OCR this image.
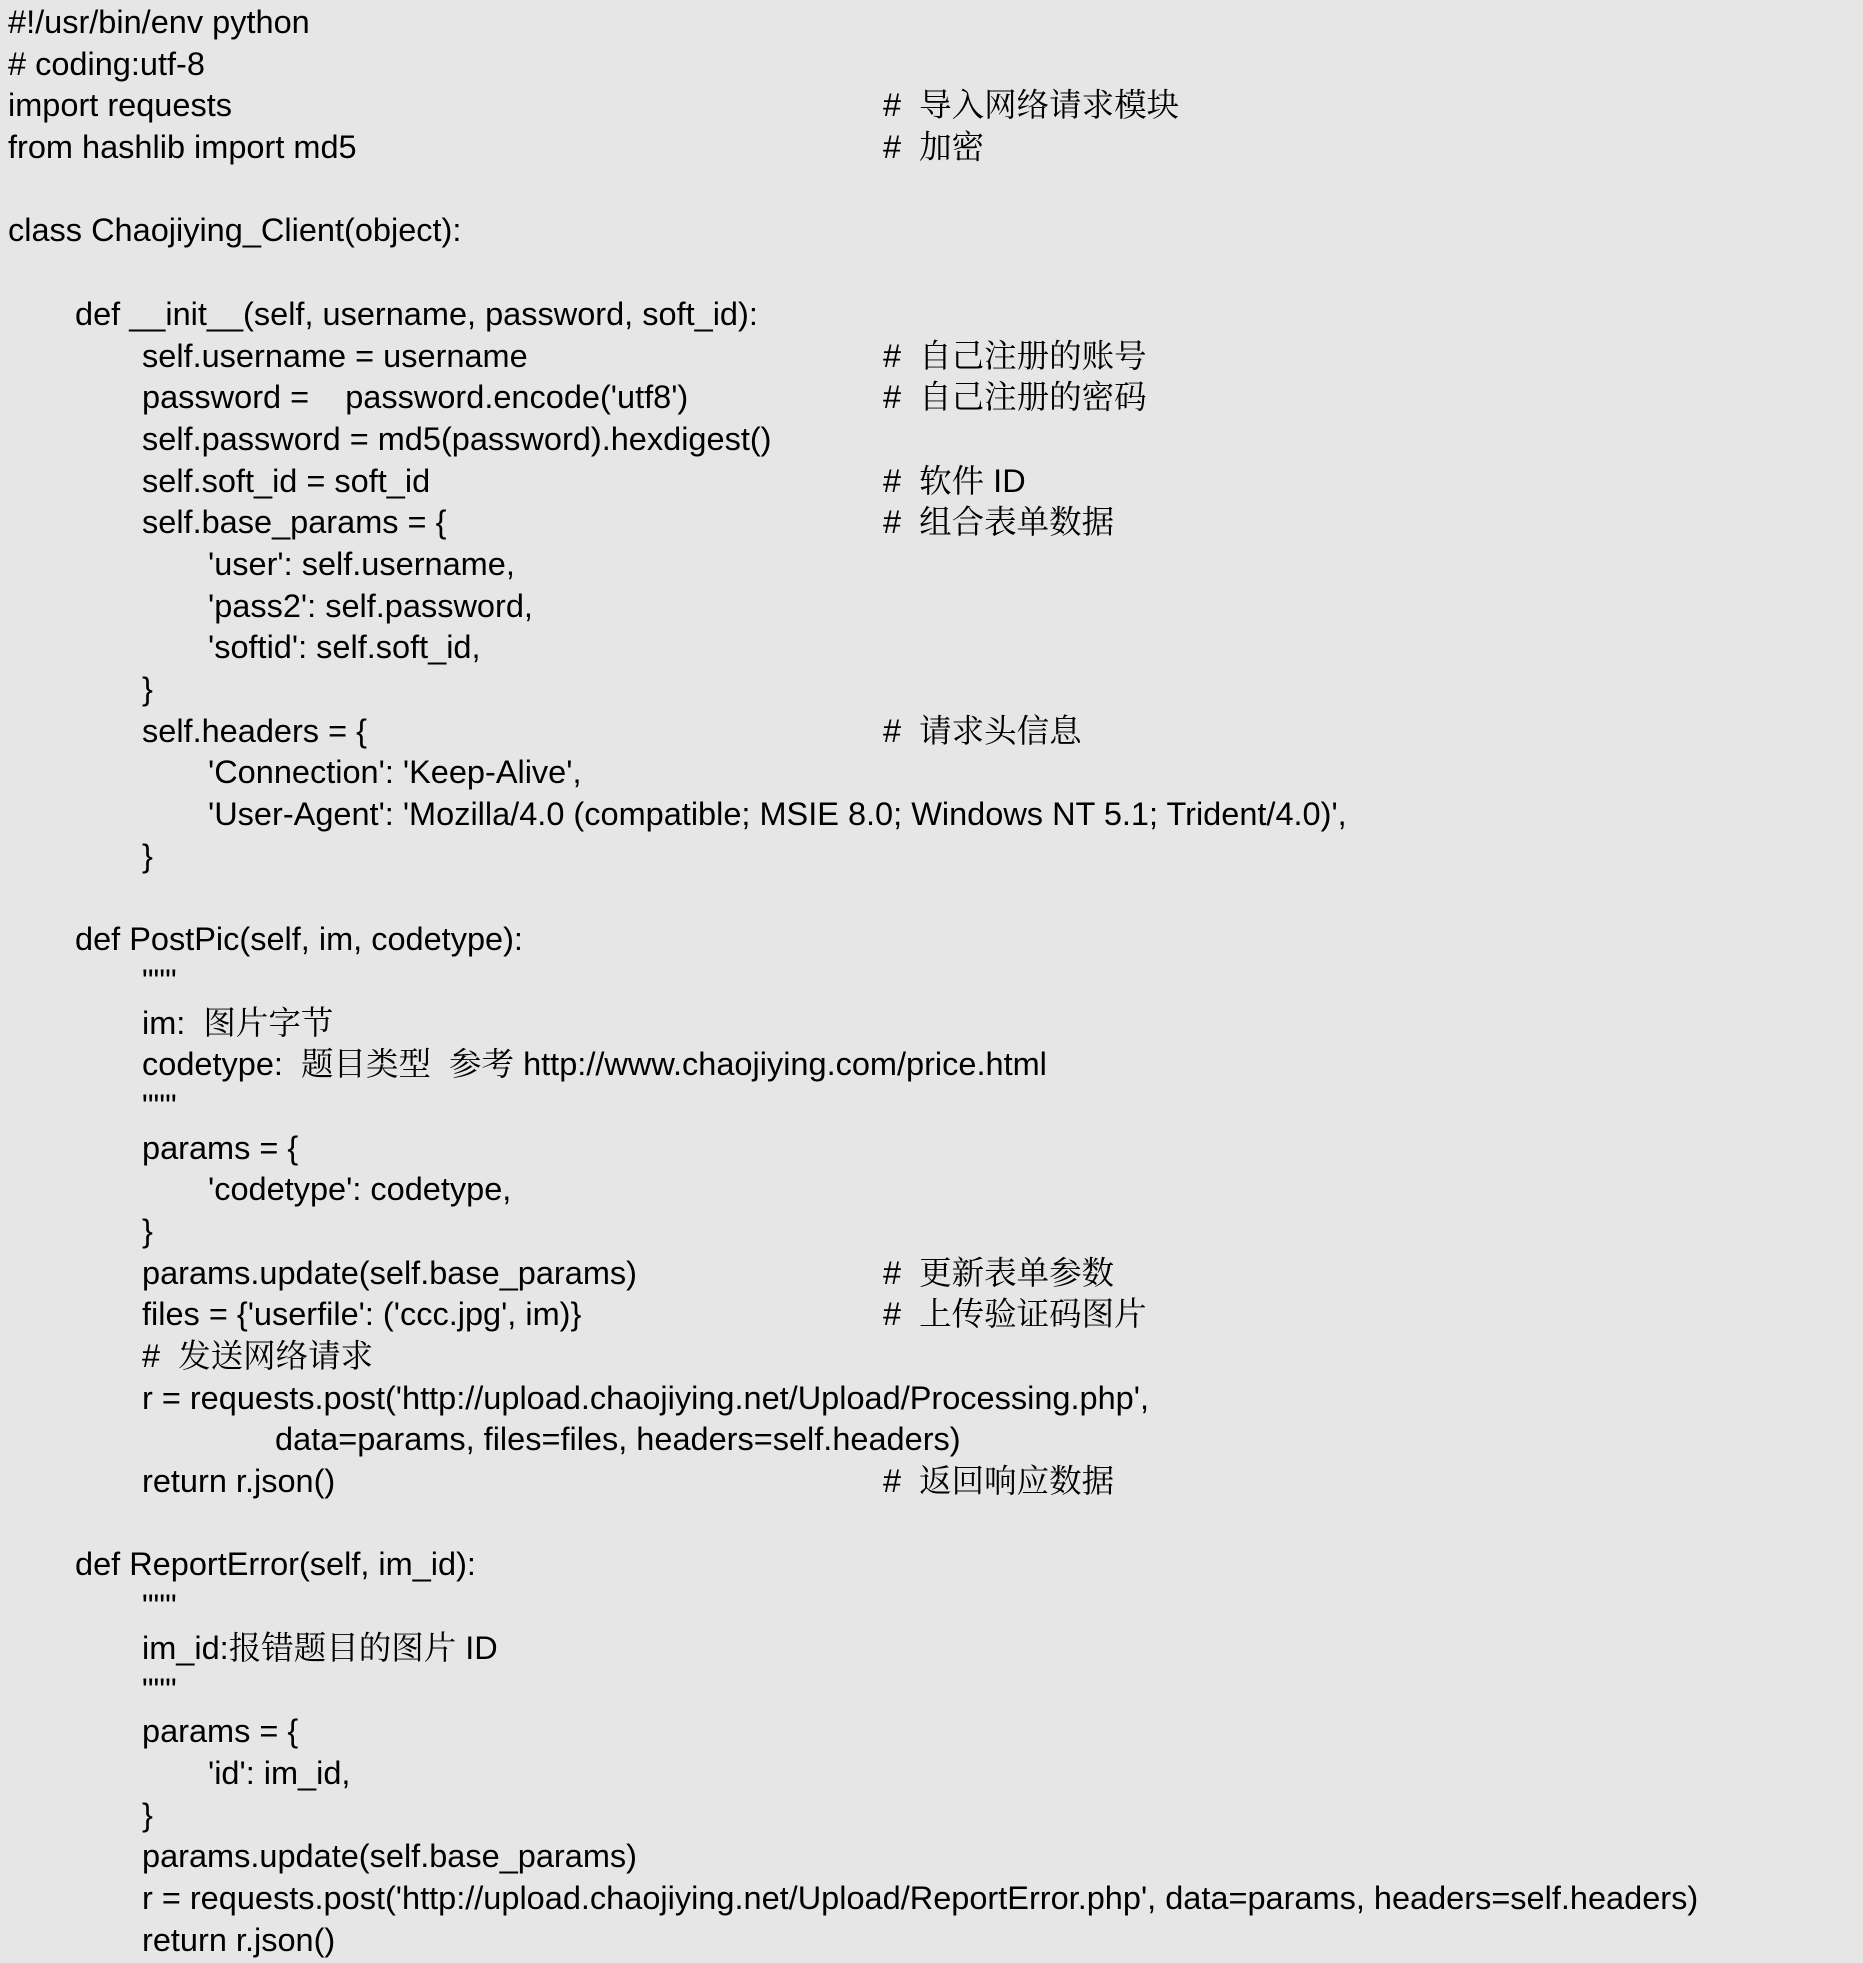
#!/usr/bin/env python
# coding:utf-8
import requests	#  导入网络请求模块
from hashlib import md5	#  加密
class Chaojiying_Client(object):
def __init__(self, username, password, soft_id):
self.username = username	#  自己注册的账号
password =    password.encode('utf8')	#  自己注册的密码
self.password = md5(password).hexdigest()
self.soft_id = soft_id	#  软件 ID
self.base_params = {	#  组合表单数据
'user': self.username,
'pass2': self.password,
'softid': self.soft_id,
}
self.headers = {	#  请求头信息
'Connection': 'Keep-Alive',
'User-Agent': 'Mozilla/4.0 (compatible; MSIE 8.0; Windows NT 5.1; Trident/4.0)',
}
def PostPic(self, im, codetype):
"""
im:  图片字节
codetype:  题目类型  参考 http://www.chaojiying.com/price.html
"""
params = {
'codetype': codetype,
}
params.update(self.base_params)	#  更新表单参数
files = {'userfile': ('ccc.jpg', im)}	#  上传验证码图片
#  发送网络请求
r = requests.post('http://upload.chaojiying.net/Upload/Processing.php',
data=params, files=files, headers=self.headers)
return r.json()	#  返回响应数据
def ReportError(self, im_id):
"""
im_id:报错题目的图片 ID
"""
params = {
'id': im_id,
}
params.update(self.base_params)
r = requests.post('http://upload.chaojiying.net/Upload/ReportError.php', data=params, headers=self.headers)
return r.json()
